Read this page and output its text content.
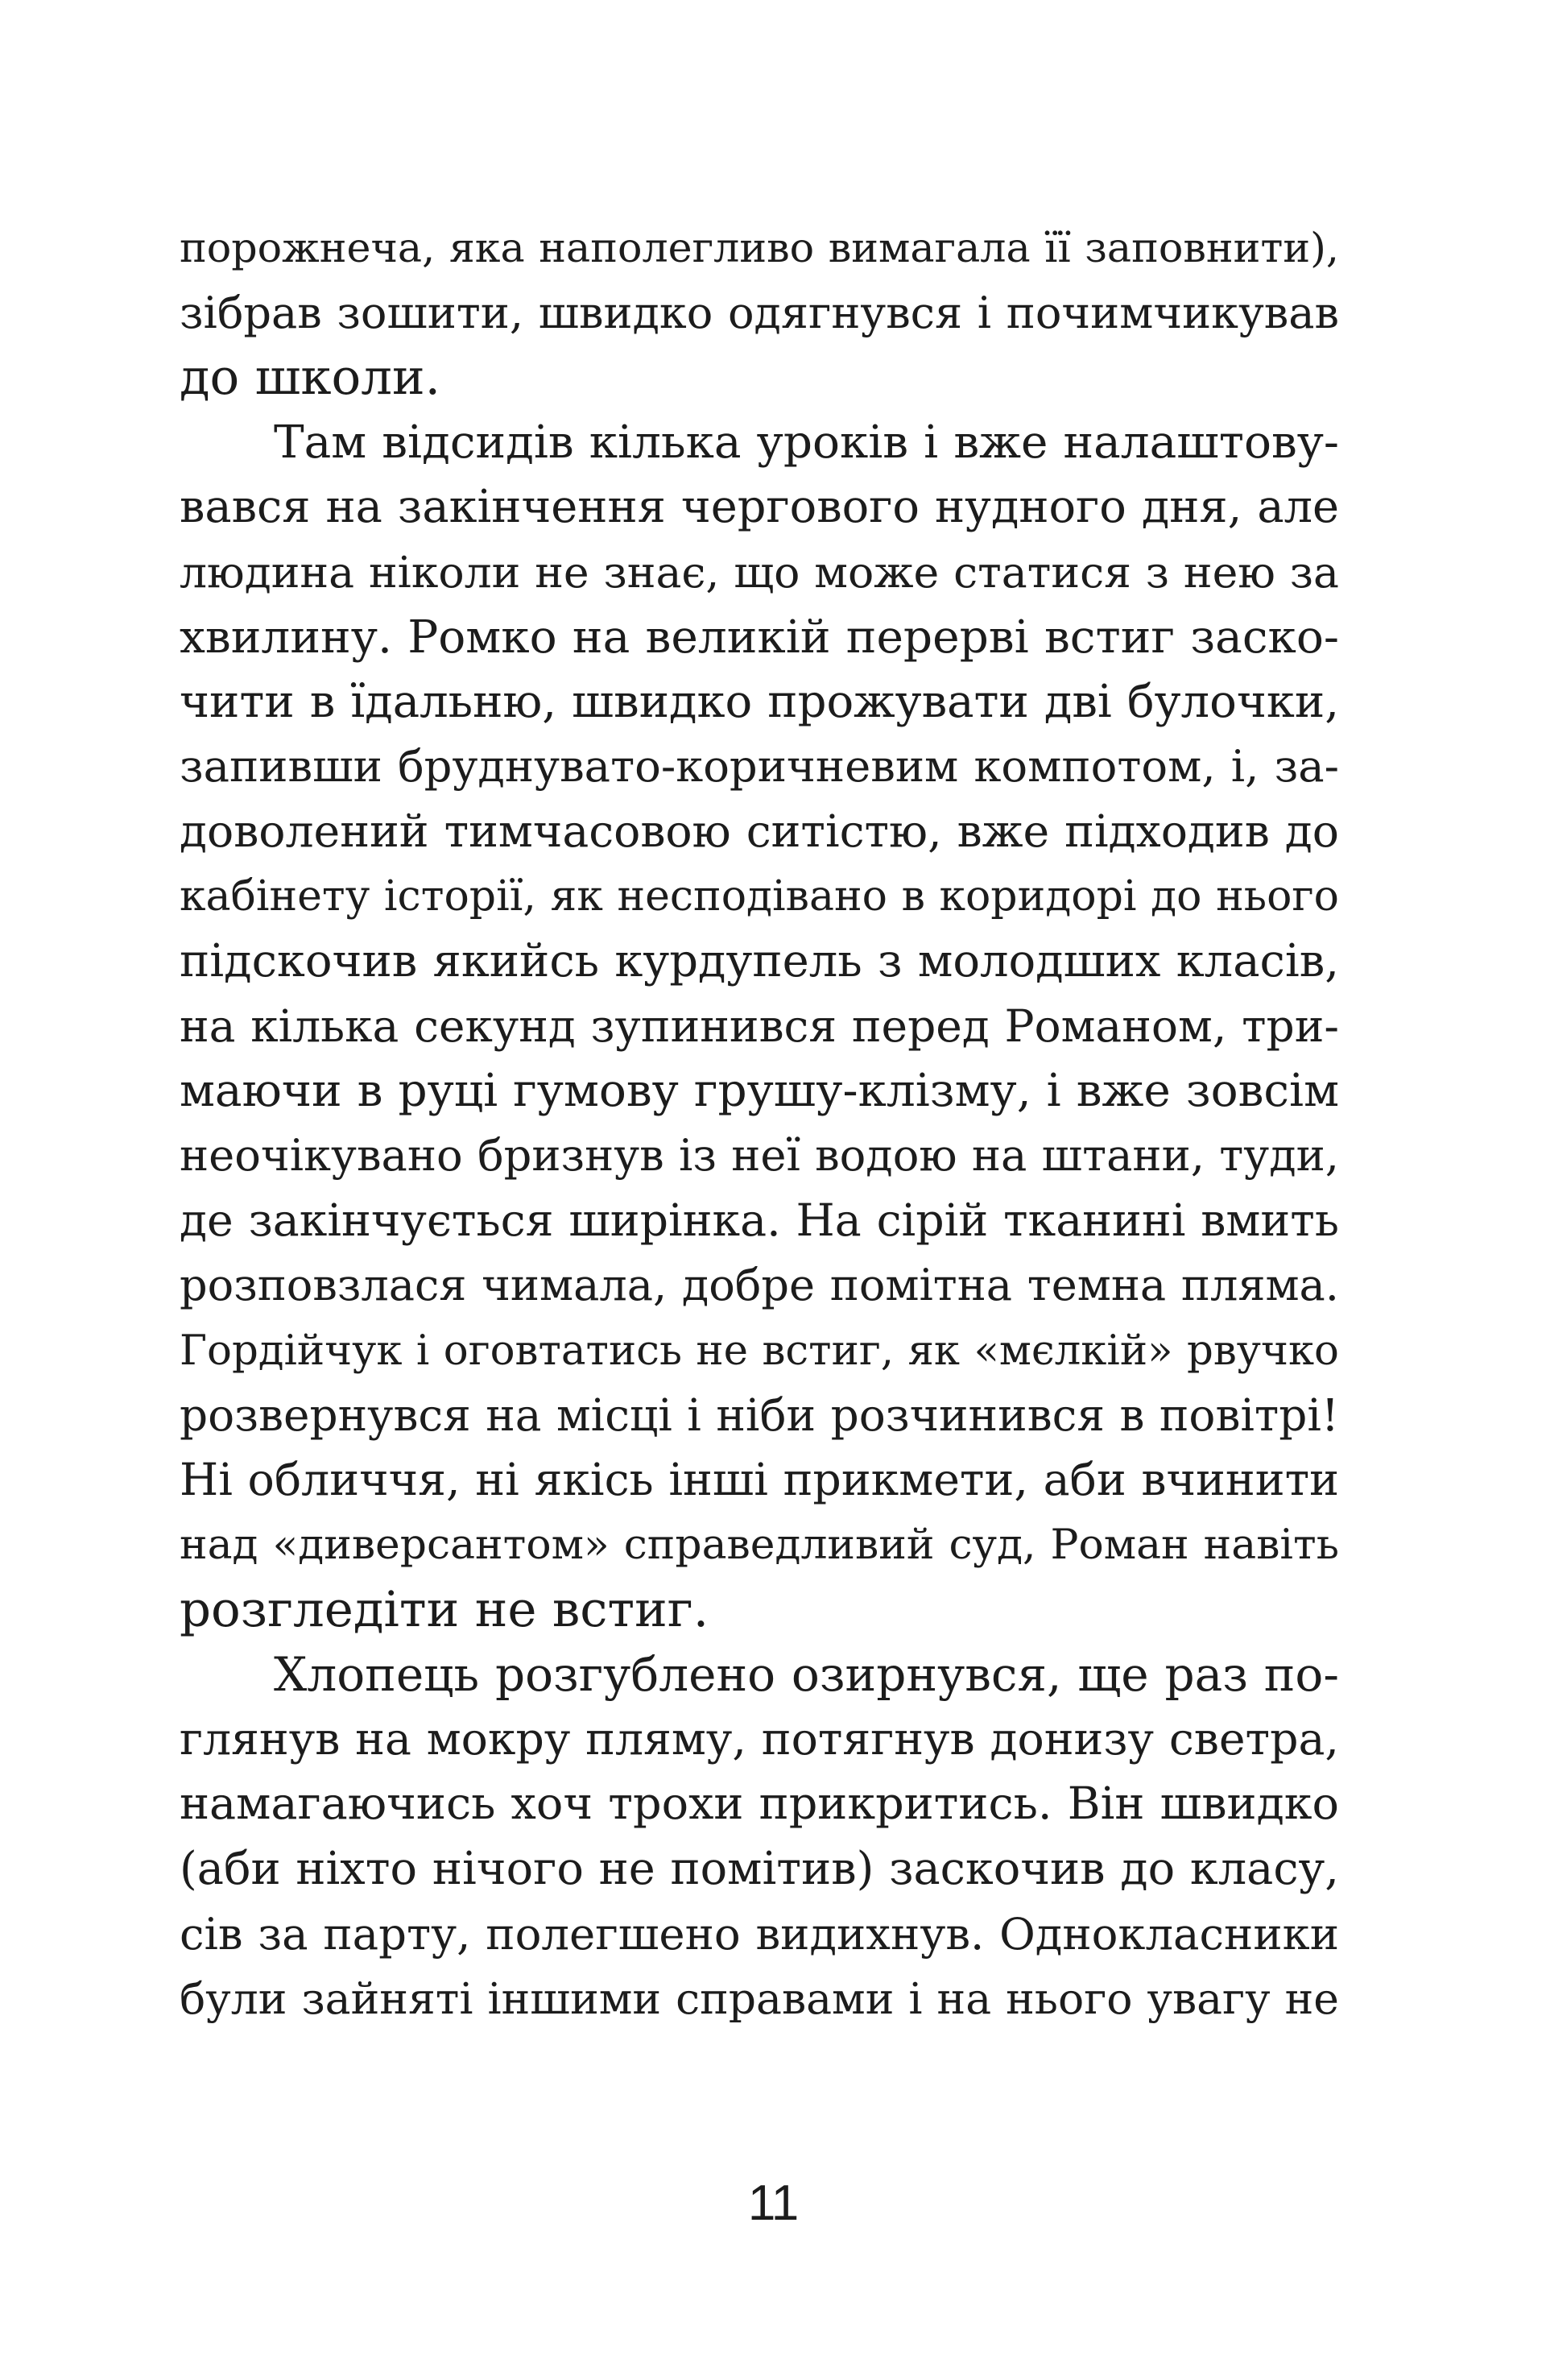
порожнеча, яка наполегливо вимагала її заповнити),
зібрав зошити, швидко одягнувся і почимчикував
до школи.
Там відсидів кілька уроків і вже налаштову-
вався на закінчення чергового нудного дня, але
людина ніколи не знає, що може статися з нею за
хвилину. Ромко на великій перерві встиг заско-
чити в їдальню, швидко прожувати дві булочки,
запивши бруднувато-коричневим компотом, і, за-
доволений тимчасовою ситістю, вже підходив до
кабінету історії, як несподівано в коридорі до нього
підскочив якийсь курдупель з молодших класів,
на кілька секунд зупинився перед Романом, три-
маючи в руці гумову грушу-клізму, і вже зовсім
неочікувано бризнув із неї водою на штани, туди,
де закінчується ширінка. На сірій тканині вмить
розповзлася чимала, добре помітна темна пляма.
Гордійчук і оговтатись не встиг, як «мєлкій» рвучко
розвернувся на місці і ніби розчинився в повітрі!
Ні обличчя, ні якісь інші прикмети, аби вчинити
над «диверсантом» справедливий суд, Роман навіть
розгледіти не встиг.
Хлопець розгублено озирнувся, ще раз по-
глянув на мокру пляму, потягнув донизу светра,
намагаючись хоч трохи прикритись. Він швидко
(аби ніхто нічого не помітив) заскочив до класу,
сів за парту, полегшено видихнув. Однокласники
були зайняті іншими справами і на нього увагу не
11
